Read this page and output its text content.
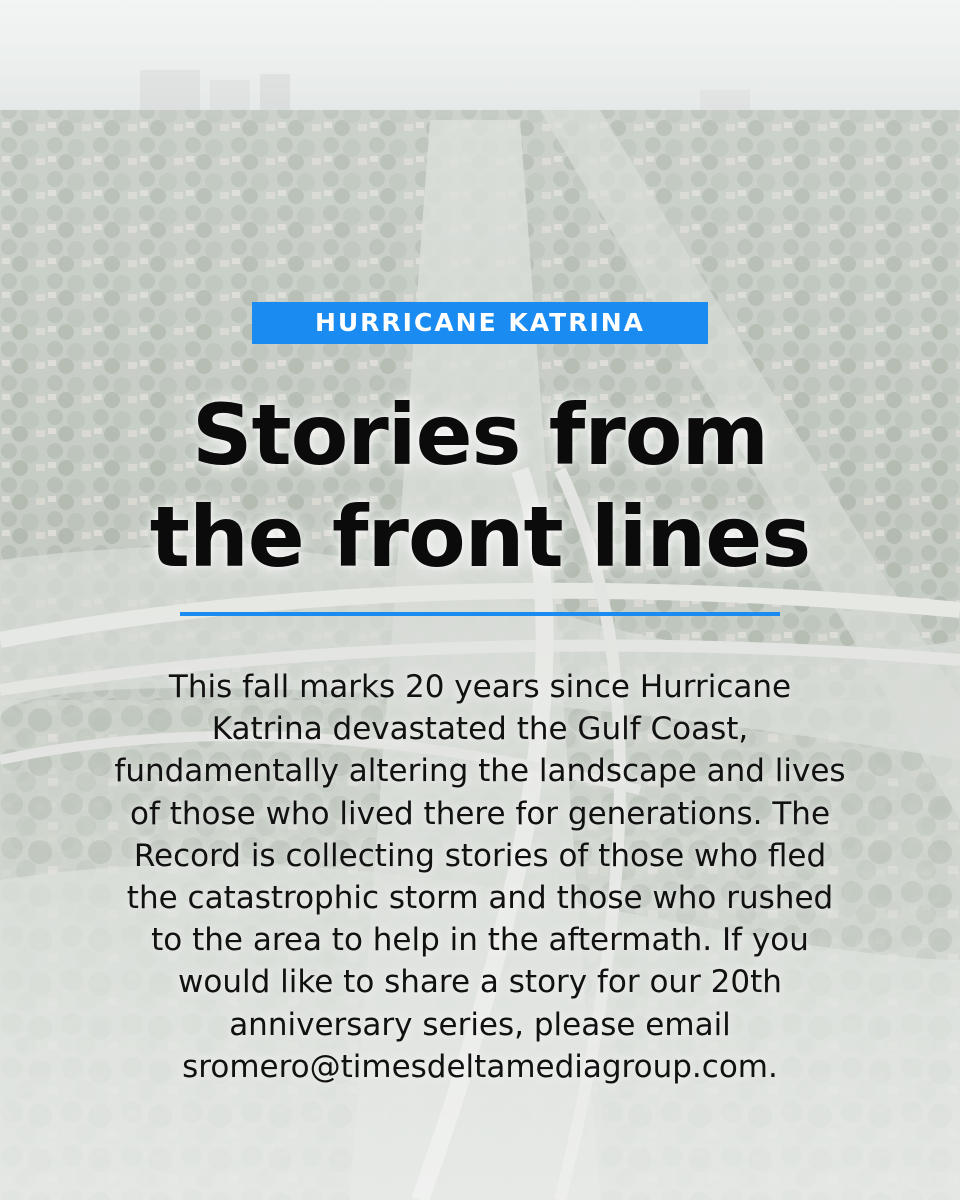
HURRICANE KATRINA
Stories from
the front lines

This fall marks 20 years since Hurricane
Katrina devastated the Gulf Coast,
fundamentally altering the landscape and lives
of those who lived there for generations. The
Record is collecting stories of those who fled
the catastrophic storm and those who rushed
to the area to help in the aftermath. If you
would like to share a story for our 20th
anniversary series, please email
sromero@timesdeltamediagroup.com.
